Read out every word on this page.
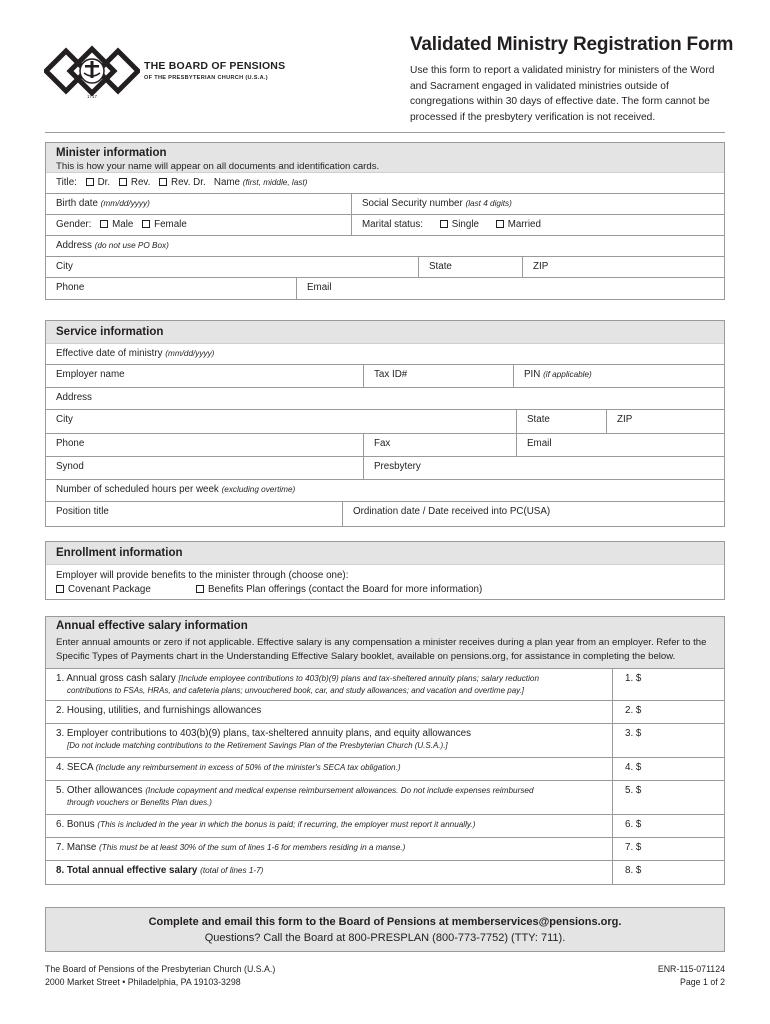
1717
THE BOARD OF PENSIONS
OF THE PRESBYTERIAN CHURCH (U.S.A.)
Validated Ministry Registration Form
Use this form to report a validated ministry for ministers of the Word and Sacrament engaged in validated ministries outside of congregations within 30 days of effective date. The form cannot be processed if the presbytery verification is not received.
Minister information
This is how your name will appear on all documents and identification cards.
Title: Dr. Rev. Rev. Dr. Name (first, middle, last)
Birth date (mm/dd/yyyy)	Social Security number (last 4 digits)
Gender: Male Female	Marital status:	Single	Married
Address (do not use PO Box)
City	State	ZIP
Phone	Email
Service information
Effective date of ministry (mm/dd/yyyy)
Employer name	Tax ID#	PIN (if applicable)
Address
City	State	ZIP
Phone	Fax	Email
Synod	Presbytery
Number of scheduled hours per week (excluding overtime)
Position title	Ordination date / Date received into PC(USA)
Enrollment information
Employer will provide benefits to the minister through (choose one):
Covenant Package	Benefits Plan offerings (contact the Board for more information)
Annual effective salary information
Enter annual amounts or zero if not applicable. Effective salary is any compensation a minister receives during a plan year from an employer. Refer to the Specific Types of Payments chart in the Understanding Effective Salary booklet, available on pensions.org, for assistance in completing the below.
1. Annual gross cash salary [Include employee contributions to 403(b)(9) plans and tax-sheltered annuity plans; salary reduction
contributions to FSAs, HRAs, and cafeteria plans; unvouchered book, car, and study allowances; and vacation and overtime pay.]
1. $
2. Housing, utilities, and furnishings allowances	2. $
3. Employer contributions to 403(b)(9) plans, tax-sheltered annuity plans, and equity allowances
[Do not include matching contributions to the Retirement Savings Plan of the Presbyterian Church (U.S.A.).]
3. $
4. SECA (Include any reimbursement in excess of 50% of the minister's SECA tax obligation.)	4. $
5. Other allowances (Include copayment and medical expense reimbursement allowances. Do not include expenses reimbursed
through vouchers or Benefits Plan dues.)
5. $
6. Bonus (This is included in the year in which the bonus is paid; if recurring, the employer must report it annually.)	6. $
7. Manse (This must be at least 30% of the sum of lines 1-6 for members residing in a manse.)	7. $
8. Total annual effective salary (total of lines 1-7)	8. $
Complete and email this form to the Board of Pensions at memberservices@pensions.org.
Questions? Call the Board at 800-PRESPLAN (800-773-7752) (TTY: 711).
The Board of Pensions of the Presbyterian Church (U.S.A.)
2000 Market Street • Philadelphia, PA 19103-3298
ENR-115-071124
Page 1 of 2
